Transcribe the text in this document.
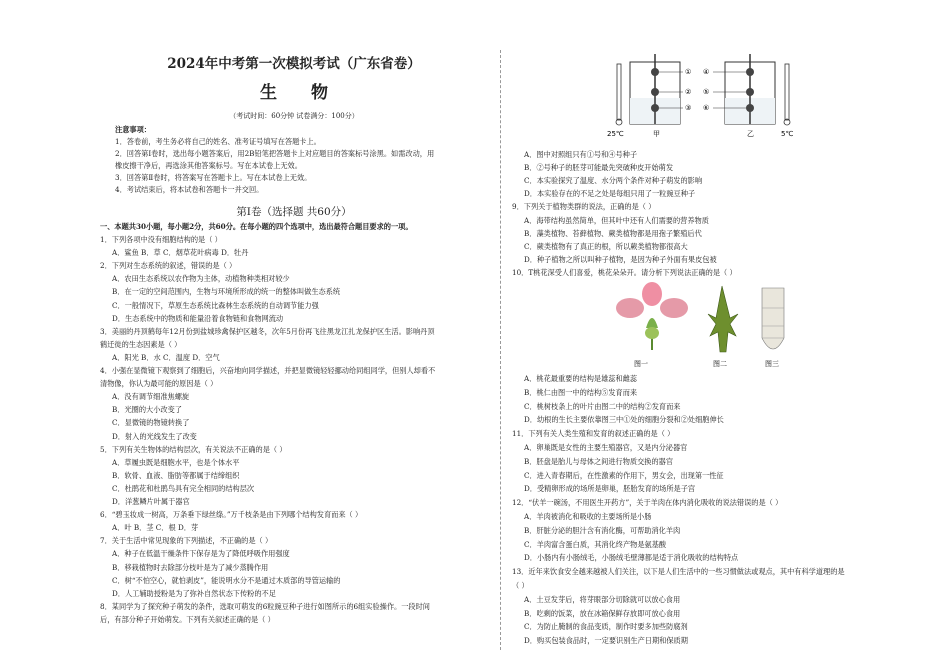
2024年中考第一次模拟考试（广东省卷）
生物
（考试时间：60分钟 试卷满分：100分）
注意事项：
1．答卷前，考生务必将自己的姓名、准考证号填写在答题卡上。
2．回答第Ⅰ卷时，选出每小题答案后，用2B铅笔把答题卡上对应题目的答案标号涂黑。如需改动，用
橡皮擦干净后，再选涂其他答案标号。写在本试卷上无效。
3．回答第Ⅱ卷时，将答案写在答题卡上。写在本试卷上无效。
4．考试结束后，将本试卷和答题卡一并交回。
第Ⅰ卷（选择题 共60分）
一、本题共30小题，每小题2分，共60分。在每小题的四个选项中，选出最符合题目要求的一项。
1．下列各项中没有细胞结构的是（ ）
A．鲨鱼 B．草 C．烟草花叶病毒 D．牡丹
2．下列对生态系统的叙述，错误的是（ ）
A．农田生态系统以农作物为主体，动植物种类相对较少
B．在一定的空间范围内，生物与环境所形成的统一的整体叫做生态系统
C．一般情况下，草原生态系统比森林生态系统的自动调节能力强
D．生态系统中的物质和能量沿着食物链和食物网流动
3．美丽的丹顶鹤每年12月份到盐城珍禽保护区越冬，次年5月份再飞往黑龙江扎龙保护区生活。影响丹顶
鹤迁徙的生态因素是（ ）
A．阳光 B．水 C．温度 D．空气
4．小强在显微镜下观察到了细胞后，兴奋地向同学描述，并把显微镜轻轻挪动给同组同学，但别人却看不
清物像，你认为最可能的原因是（ ）
A．没有调节细准焦螺旋
B．光圈的大小改变了
C．显微镜的物镜转换了
D．射入的光线发生了改变
5．下列有关生物体的结构层次，有关说法不正确的是（ ）
A．草履虫既是细胞水平，也是个体水平
B．软骨、血液、脂肪等都属于结缔组织
C．杜鹃花和杜鹃鸟具有完全相同的结构层次
D．洋葱鳞片叶属于器官
6．“碧玉妆成一树高，万条垂下绿丝绦。”万千枝条是由下列哪个结构发育而来（ ）
A．叶 B．茎 C．根 D．芽
7．关于生活中常见现象的下列描述，不正确的是（ ）
A．种子在低温干燥条件下保存是为了降低呼吸作用强度
B．移栽植物时去除部分枝叶是为了减少蒸腾作用
C．树“不怕空心，就怕剥皮”，能说明水分不是通过木质部的导管运输的
D．人工辅助授粉是为了弥补自然状态下传粉的不足
8．某同学为了探究种子萌发的条件，选取可萌发的6粒豌豆种子进行如图所示的6组实验操作。一段时间
后，有部分种子开始萌发。下列有关叙述正确的是（ ）
A．图中对照组只有①号和④号种子
B．②号种子的胚芽可能最先突破种皮开始萌发
C．本实验探究了温度、水分两个条件对种子萌发的影响
D．本实验存在的不足之处是每组只用了一粒豌豆种子
9．下列关于植物类群的说法，正确的是（ ）
A．海带结构虽然简单，但其叶中还有人们需要的营养物质
B．藻类植物、苔藓植物、蕨类植物都是用孢子繁殖后代
C．蕨类植物有了真正的根，所以蕨类植物都很高大
D．种子植物之所以叫种子植物，是因为种子外面有果皮包被
10．T桃花深受人们喜爱，桃花朵朵开。请分析下列说法正确的是（ ）
A．桃花最重要的结构是雄蕊和雌蕊
B．桃仁由图一中的结构⑤发育而来
C．桃树枝条上的叶片由图二中的结构②发育而来
D．幼根的生长主要依靠图三中①处的细胞分裂和②处细胞伸长
11．下列有关人类生殖和发育的叙述正确的是（ ）
A．卵巢既是女性的主要生殖器官，又是内分泌器官
B．胚盘是胎儿与母体之间进行物质交换的器官
C．进入青春期后，在性激素的作用下，男女会，出现第一性征
D．受精卵形成的场所是卵巢，胚胎发育的场所是子宫
12．“伏羊一碗汤，不用医生开药方”，关于羊肉在体内消化吸收的说法错误的是（ ）
A．羊肉被消化和吸收的主要场所是小肠
B．肝脏分泌的胆汁含有消化酶，可帮助消化羊肉
C．羊肉富含蛋白质，其消化终产物是氨基酸
D．小肠内有小肠绒毛，小肠绒毛壁薄都是适于消化吸收的结构特点
13．近年来饮食安全越来越被人们关注，以下是人们生活中的一些习惯做法或观点，其中有科学道理的是
（ ）
A．土豆发芽后，将芽眼部分切除就可以放心食用
B．吃剩的饭菜，放在冰箱保鲜存放即可放心食用
C．为防止腌制的食品变质，制作时要多加些防腐剂
D．购买包装食品时，一定要识别生产日期和保质期
①
②
③
④
⑤
⑥
25℃	甲	乙	5℃
图一	图二	图三
